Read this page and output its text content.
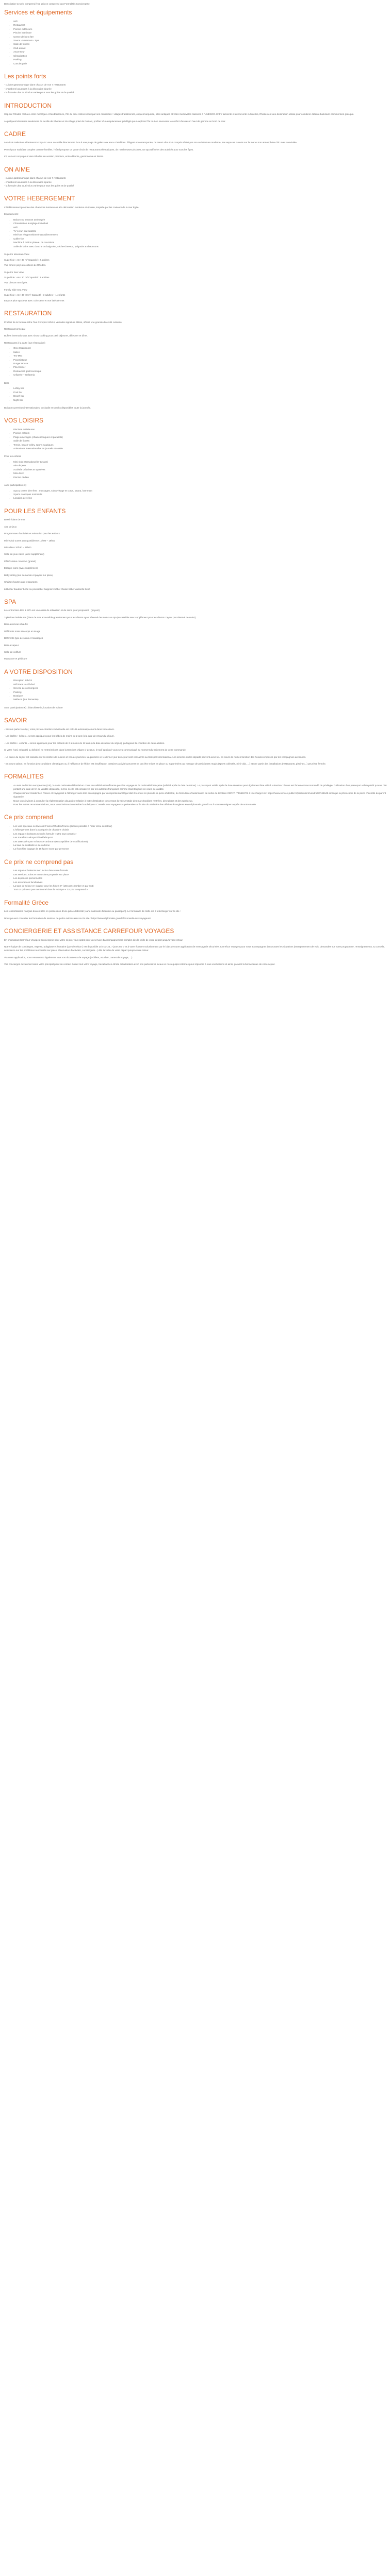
Description Ce prix comprend / Ce prix ne comprend pas Formalités Conciergerie

Services et équipements
• Wifi
• Restaurant
• Piscine extérieure
• Piscine intérieure
• Centre de bien être
• Sauna - Hammam - Spa
• Salle de fitness
• Club enfant
• Ascenseur
• Climatisation
• Parking
• Conciergerie
Les points forts
- cuisine gastronomique dans chacun de nos 7 restaurants
- chambres luxueuses à la décoration épurée
- la formule ultra tout inclus variée pour tous les goûts et de qualité
INTRODUCTION

Cap sur Rhodes ! Située entre mer Égée et Méditerranée, l'île du dieu Hélios séduit par ses contrastes : villages traditionnels, criques turquoise, sites antiques et villes médiévales classées à l'UNESCO. Entre farniente et découverte culturelles, Rhodes est une destination idéale pour combiner détente balnéaire et immersion grecque.

À quelques kilomètres seulement de la ville de Rhodes et du village prisé de Faliraki, profitez d'un emplacement privilégié pour explorer l'île tout en savourant le confort d'un resort haut de gamme en bord de mer.

CADRE

Le Mitsis Selection Alila Resort & Spa 5* vous accueille directement face à une plage de galets aux eaux cristallines. Élégant et contemporain, ce resort ultra tout compris séduit par son architecture moderne, ses espaces ouverts sur la mer et son atmosphère chic mais conviviale.

Pensé pour satisfaire couples comme familles, l'hôtel propose un vaste choix de restaurants thématiques, de nombreuses piscines, un spa raffiné et des activités pour tous les âges.

Ici, tout est conçu pour vivre Rhodes en version premium, entre détente, gastronomie et loisirs.

ON AIME
- cuisine gastronomique dans chacun de nos 7 restaurants
- chambres luxueuses à la décoration épurée
- la formule ultra tout inclus variée pour tous les goûts et de qualité
VOTRE HEBERGEMENT

L'établissement propose des chambres lumineuses à la décoration moderne et épurée, inspirée par les couleurs de la mer Égée.

Équipements :

• Balcon ou terrasse aménagée
• Climatisation à réglage individuel
• Wifi
• TV écran plat satellite
• Mini-bar réapprovisionné quotidiennement
• Coffre-fort
• Machine à café & plateau de courtoisie
• Salle de bains avec douche ou baignoire, sèche-cheveux, peignoirs & chaussons

Superior Mountain View

Superficie : env. 30 m² Capacité : 2 adultes

Vue arrière pays en collines de Rhodes.

Superior Sea View

Superficie : env. 30 m² Capacité : 3 adultes

Vue directe mer Égée.

Family Side Sea View

Superficie : env. 36-40 m² Capacité : 3 adultes + 1 enfants

Espace plus spacieux avec coin salon et vue latérale mer.

RESTAURATION

Profitez de la formule Ultra Tout Compris 24h/24, véritable signature Mitsis, offrant une grande diversité culinaire.

Restaurant principal

Buffets internationaux avec show cooking pour petit déjeuner, déjeuner et dîner.

Restaurants à la carte (sur réservation)

• Grec traditionnel
• Italien
• Tex-Mex
• Panasiatique
• Burger House
• Pita Corner
• Restaurant gastronomique
• Crêperie – Gelateria

Bars

• Lobby bar
• Pool bar
• Beach bar
• Night bar

Boissons premium internationales, cocktails et snacks disponibles toute la journée.

VOS LOISIRS
• Piscines extérieures
• Piscine enfants
• Plage aménagée (chaises longues et parasols)
• Salle de fitness
• Tennis, beach-volley, sports nautiques
• Animations internationales en journée et soirée

Pour les enfants

• Mini-club international (4-12 ans)
• Aire de jeux
• Activités créatives et sportives
• Mini-disco
• Piscine dédiée

Avec participation (€)

• Spa & centre bien-être : massages, soins visage et corps, sauna, hammam
• Sports nautiques motorisés
• Location de vélos
POUR LES ENFANTS

Bassin/dans de mer

Aire de jeux

Programmes d'activités et animation pour les enfants

Mini-Club ouvert aux quotidienne 10h00 – 18h00

Mini-disco 20h30 – 21h00

Salle de jeux vidéo (avec supplément)

Pâte/cuisine conserve (gratuit)

Escape room (avec supplément)

Baby-sitting (sur demande et payant sur place)

Chaises hautes aux restaurants

Lit bébé/ baudrier bébé ou poussette/ baignoire bébé/ chaise bébé/ vaisselle bébé

SPA

Le centre bien-être & SPA est une oasis de relaxation et de soins pour proposant : (payant)

3 piscines intérieures (dans de mer accessible gratuitement pour les clients ayant réservé des soins au spa (accessible avec supplément pour les clients n'ayant pas réservé de soins).

Bain à remous chauffé

Différents soins du corps et visage

Différents type de soins et massages

Bain à vapeur

Salle de coiffure

Manucure et pédicure

A VOTRE DISPOSITION
• Réception 24h/24
• Wifi dans tout l'hôtel
• Service de conciergerie
• Parking
• Boutique
• Médecin (sur demande)

Avec participation (€) : blanchisserie, location de voiture

SAVOIR

- Si vous partez seul(e), votre prix en chambre individuelle est calculé automatiquement dans votre devis.

- Les lits/lits + bébés = seront appliqués pour les bébés de moins de 2 ans (à la date de retour du séjour).

- Les lits/lits + enfants = seront appliqués pour les enfants de 2 à moins de 12 ans (à la date de retour du séjour), partageant la chambre de deux adultes.

Si votre (vos) enfant(s) ou bébé(s) ne rentre(nt) pas dans la tranches d'âges ci-dessus, le tarif appliqué vous sera communiqué au moment du traitement de votre commande.

- La durée du séjour est calculée sur le nombre de nuitées et non de journées. La première et le dernier jour du séjour sont consacrés au transport international. Les arrivées ou les départs peuvent avoir lieu en cours de nuit en fonction des horaires imposés par les compagnies aériennes.

- En cours saison, en fonction des conditions climatiques ou à l'affluence de l'hôtel est insuffisante, certaines activités peuvent ne pas être mises en place ou supprimées par manque de participants requis (sports collectifs, mini-club, ...) et une partie des installations (restaurants, piscines...) peut être fermée.

FORMALITES
• Au sein de l'Union européenne (UE), la carte nationale d'identité en cours de validité est suffisante pour les voyageurs de nationalité française (validité après la date de retour). Le passeport valide après la date de retour peut également être utilisé. Attention : il vous est fortement recommandé de privilégier l'utilisation d'un passeport valide plutôt qu'une CNI portant une date de fin de validité dépassée, même si elle est considérée par les autorités françaises comme étant toujours en cours de validité.
• Chaque mineur résident en France et voyageant à l'étranger sans être accompagné par un représentant légal doit être muni en plus de sa pièce d'identité, du formulaire d'autorisation de sortie de territoire CERFA n°15646*01 à télécharger ici : https://www.service-public.fr/particuliers/vosdroits/R46645 ainsi que la photocopie de la pièce d'identité du parent signataire.
• Nous vous invitons à consulter la réglementation douanière relative à votre destination concernant la valeur totale des marchandises rentrées, des tabacs et des spiritueux.
• Pour les autres recommandations, nous vous invitons à consulter la rubrique « Conseils aux voyageurs » présentée sur le site du ministère des affaires étrangères www.diplomatie.gouv.fr ou à vous renseigner auprès de votre mairie.
Ce prix comprend
• Les vols spéciaux ou low cost France/Rhodes/France (locaux possible à l'aller et/ou au retour)
• L'hébergement dans la catégorie de chambre choisie
• Les repas et boissons selon la formule « ultra tout compris »
• Les transferts aéroport/hôtel/aéroport
• Les taxes aéroport et hausse carburant (susceptibles de modifications)
• La taxe de solidarité et de carbone
• La franchise bagage de 15 kg en soute par personne
Ce prix ne comprend pas
• Les repas et boissons non inclus dans votre formule
• Les services, soins et excursions proposés sur place
• Les dépenses personnelles
• Les assurances facultatives
• La taxe de séjour en vigueur pour les hôtels 5* (15€ par chambre et par nuit)
• Tout ce qui n'est pas mentionné dans la rubrique « Ce prix comprend »
Formalité Grèce

Les ressortissants français doivent être en possession d'une pièce d'identité (carte nationale d'identité ou passeport). Le formulaire de trafic est à télécharger sur le site :

Nous pouvez consulter les formalités de santé et de police nécessaires sur le site : https://www.diplomatie.gouv.fr/fr/conseils-aux-voyageurs/

CONCIERGERIE ET ASSISTANCE CARREFOUR VOYAGES

En choisissant Carrefour Voyages Conciergerie pour votre séjour, vous optez pour un service d'accompagnement complet dès la veille de votre départ jusqu'à votre retour.

Notre équipe de concierges, experte, polyglotte et humaine (que de rebut !) est disponible 24h sur 24, 7 jours sur 7 et à votre écoute exclusivement par le biais de notre application de messagerie sécurisée, Carrefour Voyages pour vous accompagner dans toutes les situations (enregistrement de vols, demandes sur votre programme, renseignements, & conseils, assistance sur les problèmes rencontrés sur place, réservation d'activités, conciergerie...) dès la veille de votre départ jusqu'à votre retour.

Via votre application, vous retrouverez également tous vos documents de voyage (e-billets, voucher, carnet de voyage, ...).

Vos concierges deviennent alors votre principal point de contact durant tout votre voyage, travaillant en étroite collaboration avec nos partenaires locaux et nos équipes internes pour répondre à tous vos besoins et ainsi, garantir la bonne tenue de votre séjour.
